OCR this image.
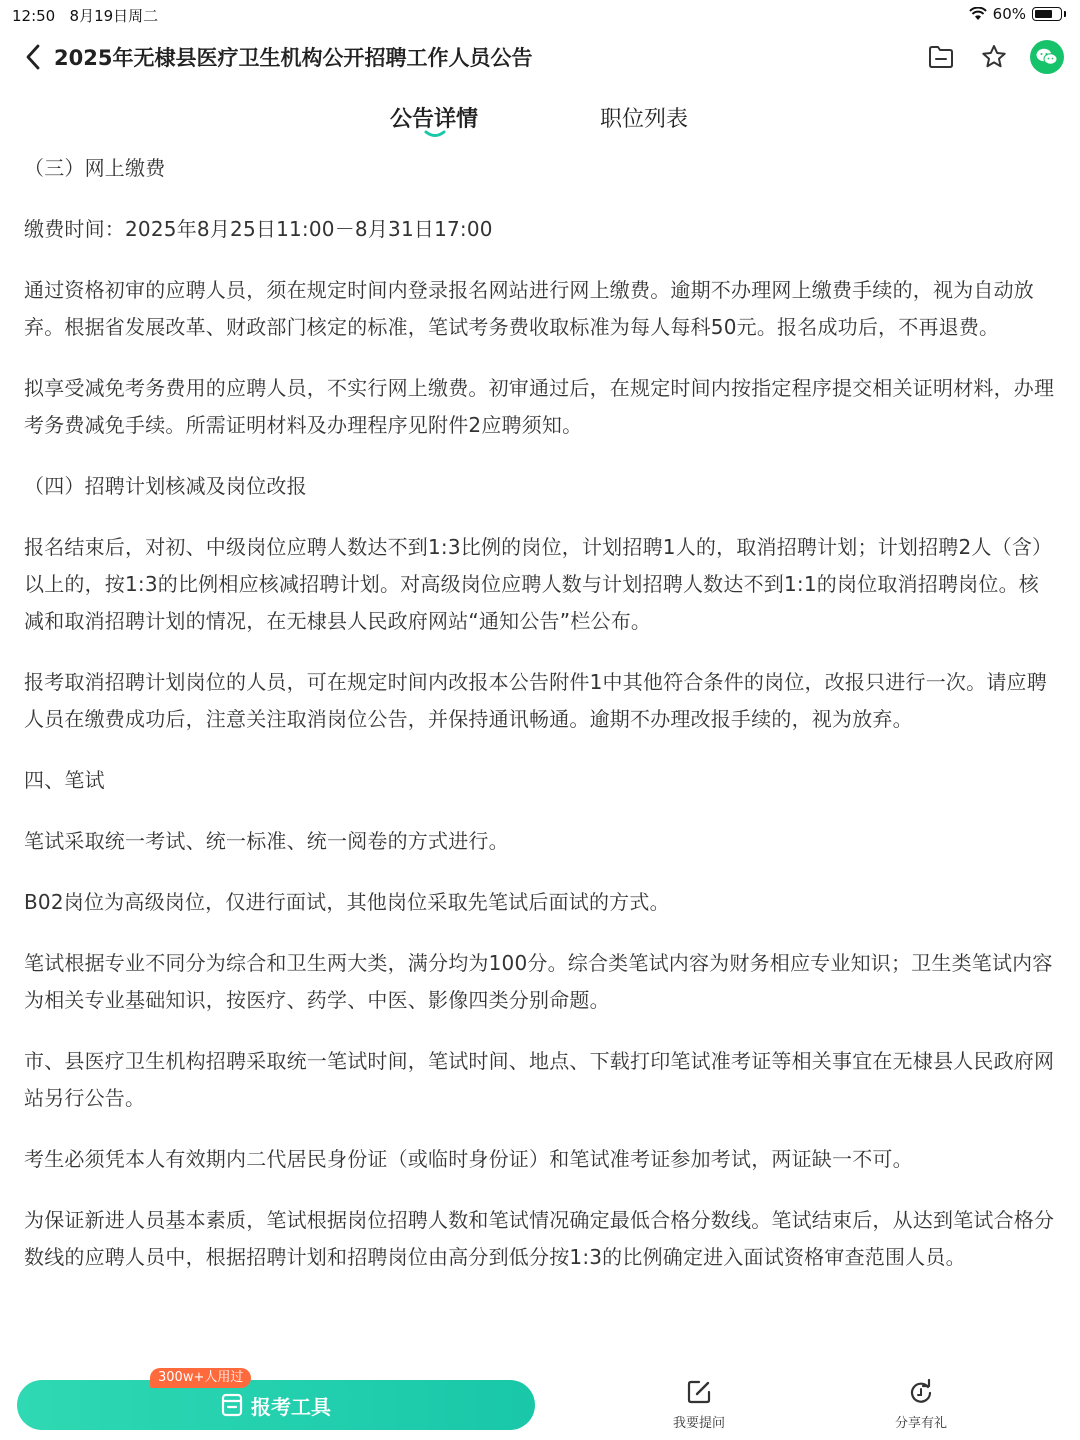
12:50 8月19日周二	60%
2025年无棣县医疗卫生机构公开招聘工作人员公告
公告详情	职位列表

（三）网上缴费

缴费时间：2025年8月25日11:00－8月31日17:00

通过资格初审的应聘人员，须在规定时间内登录报名网站进行网上缴费。逾期不办理网上缴费手续的，视为自动放弃。根据省发展改革、财政部门核定的标准，笔试考务费收取标准为每人每科50元。报名成功后，不再退费。

拟享受减免考务费用的应聘人员，不实行网上缴费。初审通过后，在规定时间内按指定程序提交相关证明材料，办理考务费减免手续。所需证明材料及办理程序见附件2应聘须知。

（四）招聘计划核减及岗位改报

报名结束后，对初、中级岗位应聘人数达不到1:3比例的岗位，计划招聘1人的，取消招聘计划；计划招聘2人（含）以上的，按1:3的比例相应核减招聘计划。对高级岗位应聘人数与计划招聘人数达不到1:1的岗位取消招聘岗位。核减和取消招聘计划的情况，在无棣县人民政府网站“通知公告”栏公布。

报考取消招聘计划岗位的人员，可在规定时间内改报本公告附件1中其他符合条件的岗位，改报只进行一次。请应聘人员在缴费成功后，注意关注取消岗位公告，并保持通讯畅通。逾期不办理改报手续的，视为放弃。

四、笔试

笔试采取统一考试、统一标准、统一阅卷的方式进行。

B02岗位为高级岗位，仅进行面试，其他岗位采取先笔试后面试的方式。

笔试根据专业不同分为综合和卫生两大类，满分均为100分。综合类笔试内容为财务相应专业知识；卫生类笔试内容为相关专业基础知识，按医疗、药学、中医、影像四类分别命题。

市、县医疗卫生机构招聘采取统一笔试时间，笔试时间、地点、下载打印笔试准考证等相关事宜在无棣县人民政府网站另行公告。

考生必须凭本人有效期内二代居民身份证（或临时身份证）和笔试准考证参加考试，两证缺一不可。

为保证新进人员基本素质，笔试根据岗位招聘人数和笔试情况确定最低合格分数线。笔试结束后，从达到笔试合格分数线的应聘人员中，根据招聘计划和招聘岗位由高分到低分按1:3的比例确定进入面试资格审查范围人员。

报考工具
300w+人用过
我要提问	分享有礼
